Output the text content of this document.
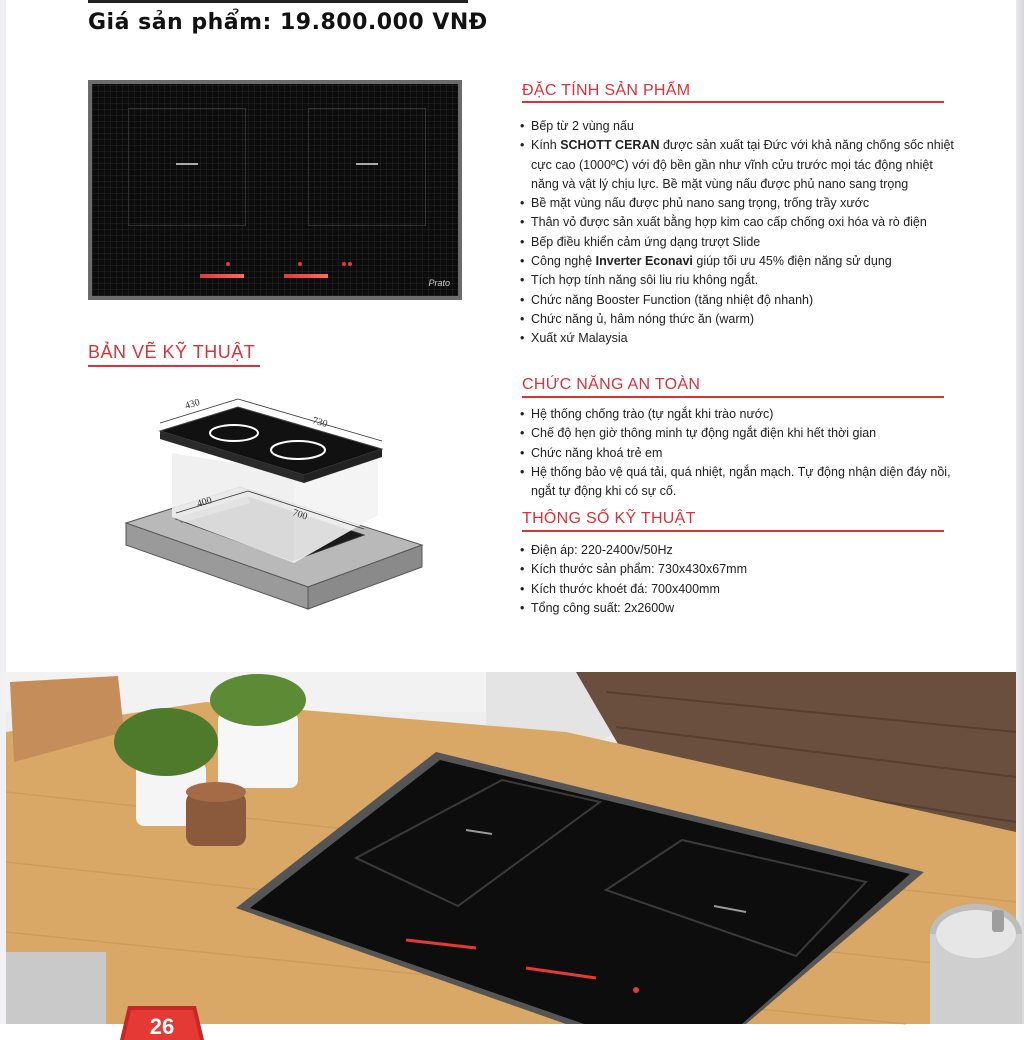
Giá sản phẩm: 19.800.000 VNĐ
Prato
BẢN VẼ KỸ THUẬT
430
730
400
700
ĐẶC TÍNH SẢN PHẨM
• Bếp từ 2 vùng nấu
• Kính SCHOTT CERAN được sản xuất tại Đức với khả năng chống sốc nhiệt cực cao (1000ºC) với độ bền gần như vĩnh cửu trước mọi tác động nhiệt năng và vật lý chịu lực. Bề mặt vùng nấu được phủ nano sang trọng
• Bề mặt vùng nấu được phủ nano sang trọng, trống trầy xước
• Thân vỏ được sản xuất bằng hợp kim cao cấp chống oxi hóa và rò điện
• Bếp điều khiển cảm ứng dạng trượt Slide
• Công nghệ Inverter Econavi giúp tối ưu 45% điện năng sử dụng
• Tích hợp tính năng sôi liu riu không ngắt.
• Chức năng Booster Function (tăng nhiệt độ nhanh)
• Chức năng ủ, hâm nóng thức ăn (warm)
• Xuất xứ Malaysia
CHỨC NĂNG AN TOÀN
• Hệ thống chống trào (tự ngắt khi trào nước)
• Chế độ hẹn giờ thông minh tự động ngắt điện khi hết thời gian
• Chức năng khoá trẻ em
• Hệ thống bảo vệ quá tải, quá nhiệt, ngắn mạch. Tự động nhận diện đáy nồi, ngắt tự động khi có sự cố.
THÔNG SỐ KỸ THUẬT
• Điện áp: 220-2400v/50Hz
• Kích thước sản phẩm: 730x430x67mm
• Kích thước khoét đá: 700x400mm
• Tổng công suất: 2x2600w
26
